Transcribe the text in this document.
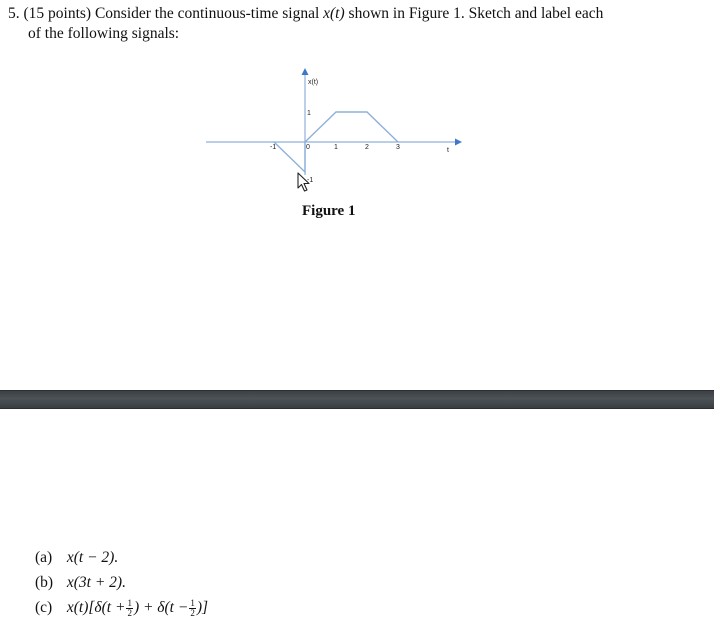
5. (15 points) Consider the continuous-time signal x(t) shown in Figure 1. Sketch and label each
of the following signals:
x(t)
t
1
-1
-1	0	1	2	3
Figure 1
(a) x(t − 2).
(b) x(3t + 2).
(c) $x(t)[\delta(t + \frac{1}{2}$ ) + $\delta(t - \frac{1}{2}$ )]
